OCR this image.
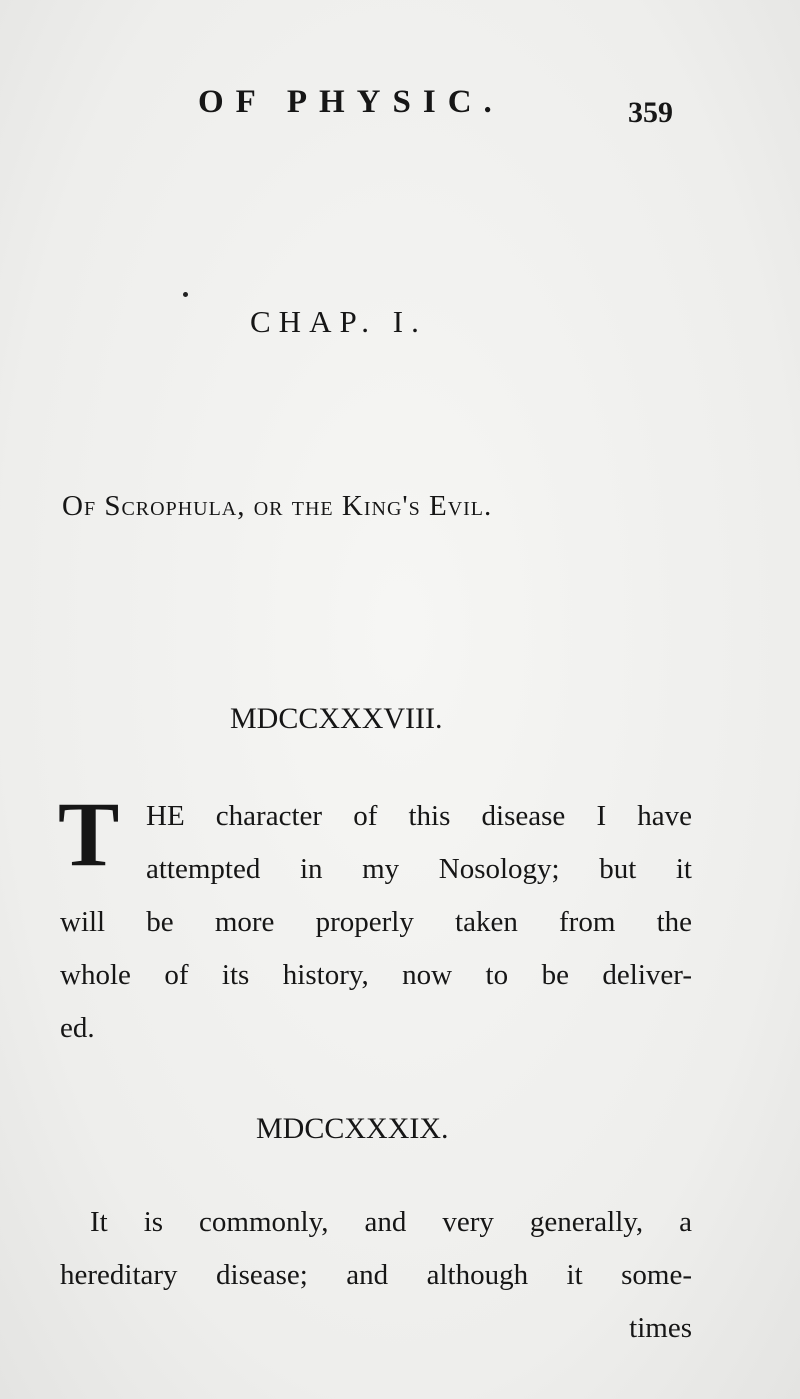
OF PHYSIC.	359
CHAP. I.
Of Scrophula, or the King's Evil.
MDCCXXXVIII.
T HE character of this disease I have
attempted in my Nosology; but it
will be more properly taken from the
whole of its history, now to be deliver-
ed.
MDCCXXXIX.
It is commonly, and very generally, a
hereditary disease; and although it some-
times
